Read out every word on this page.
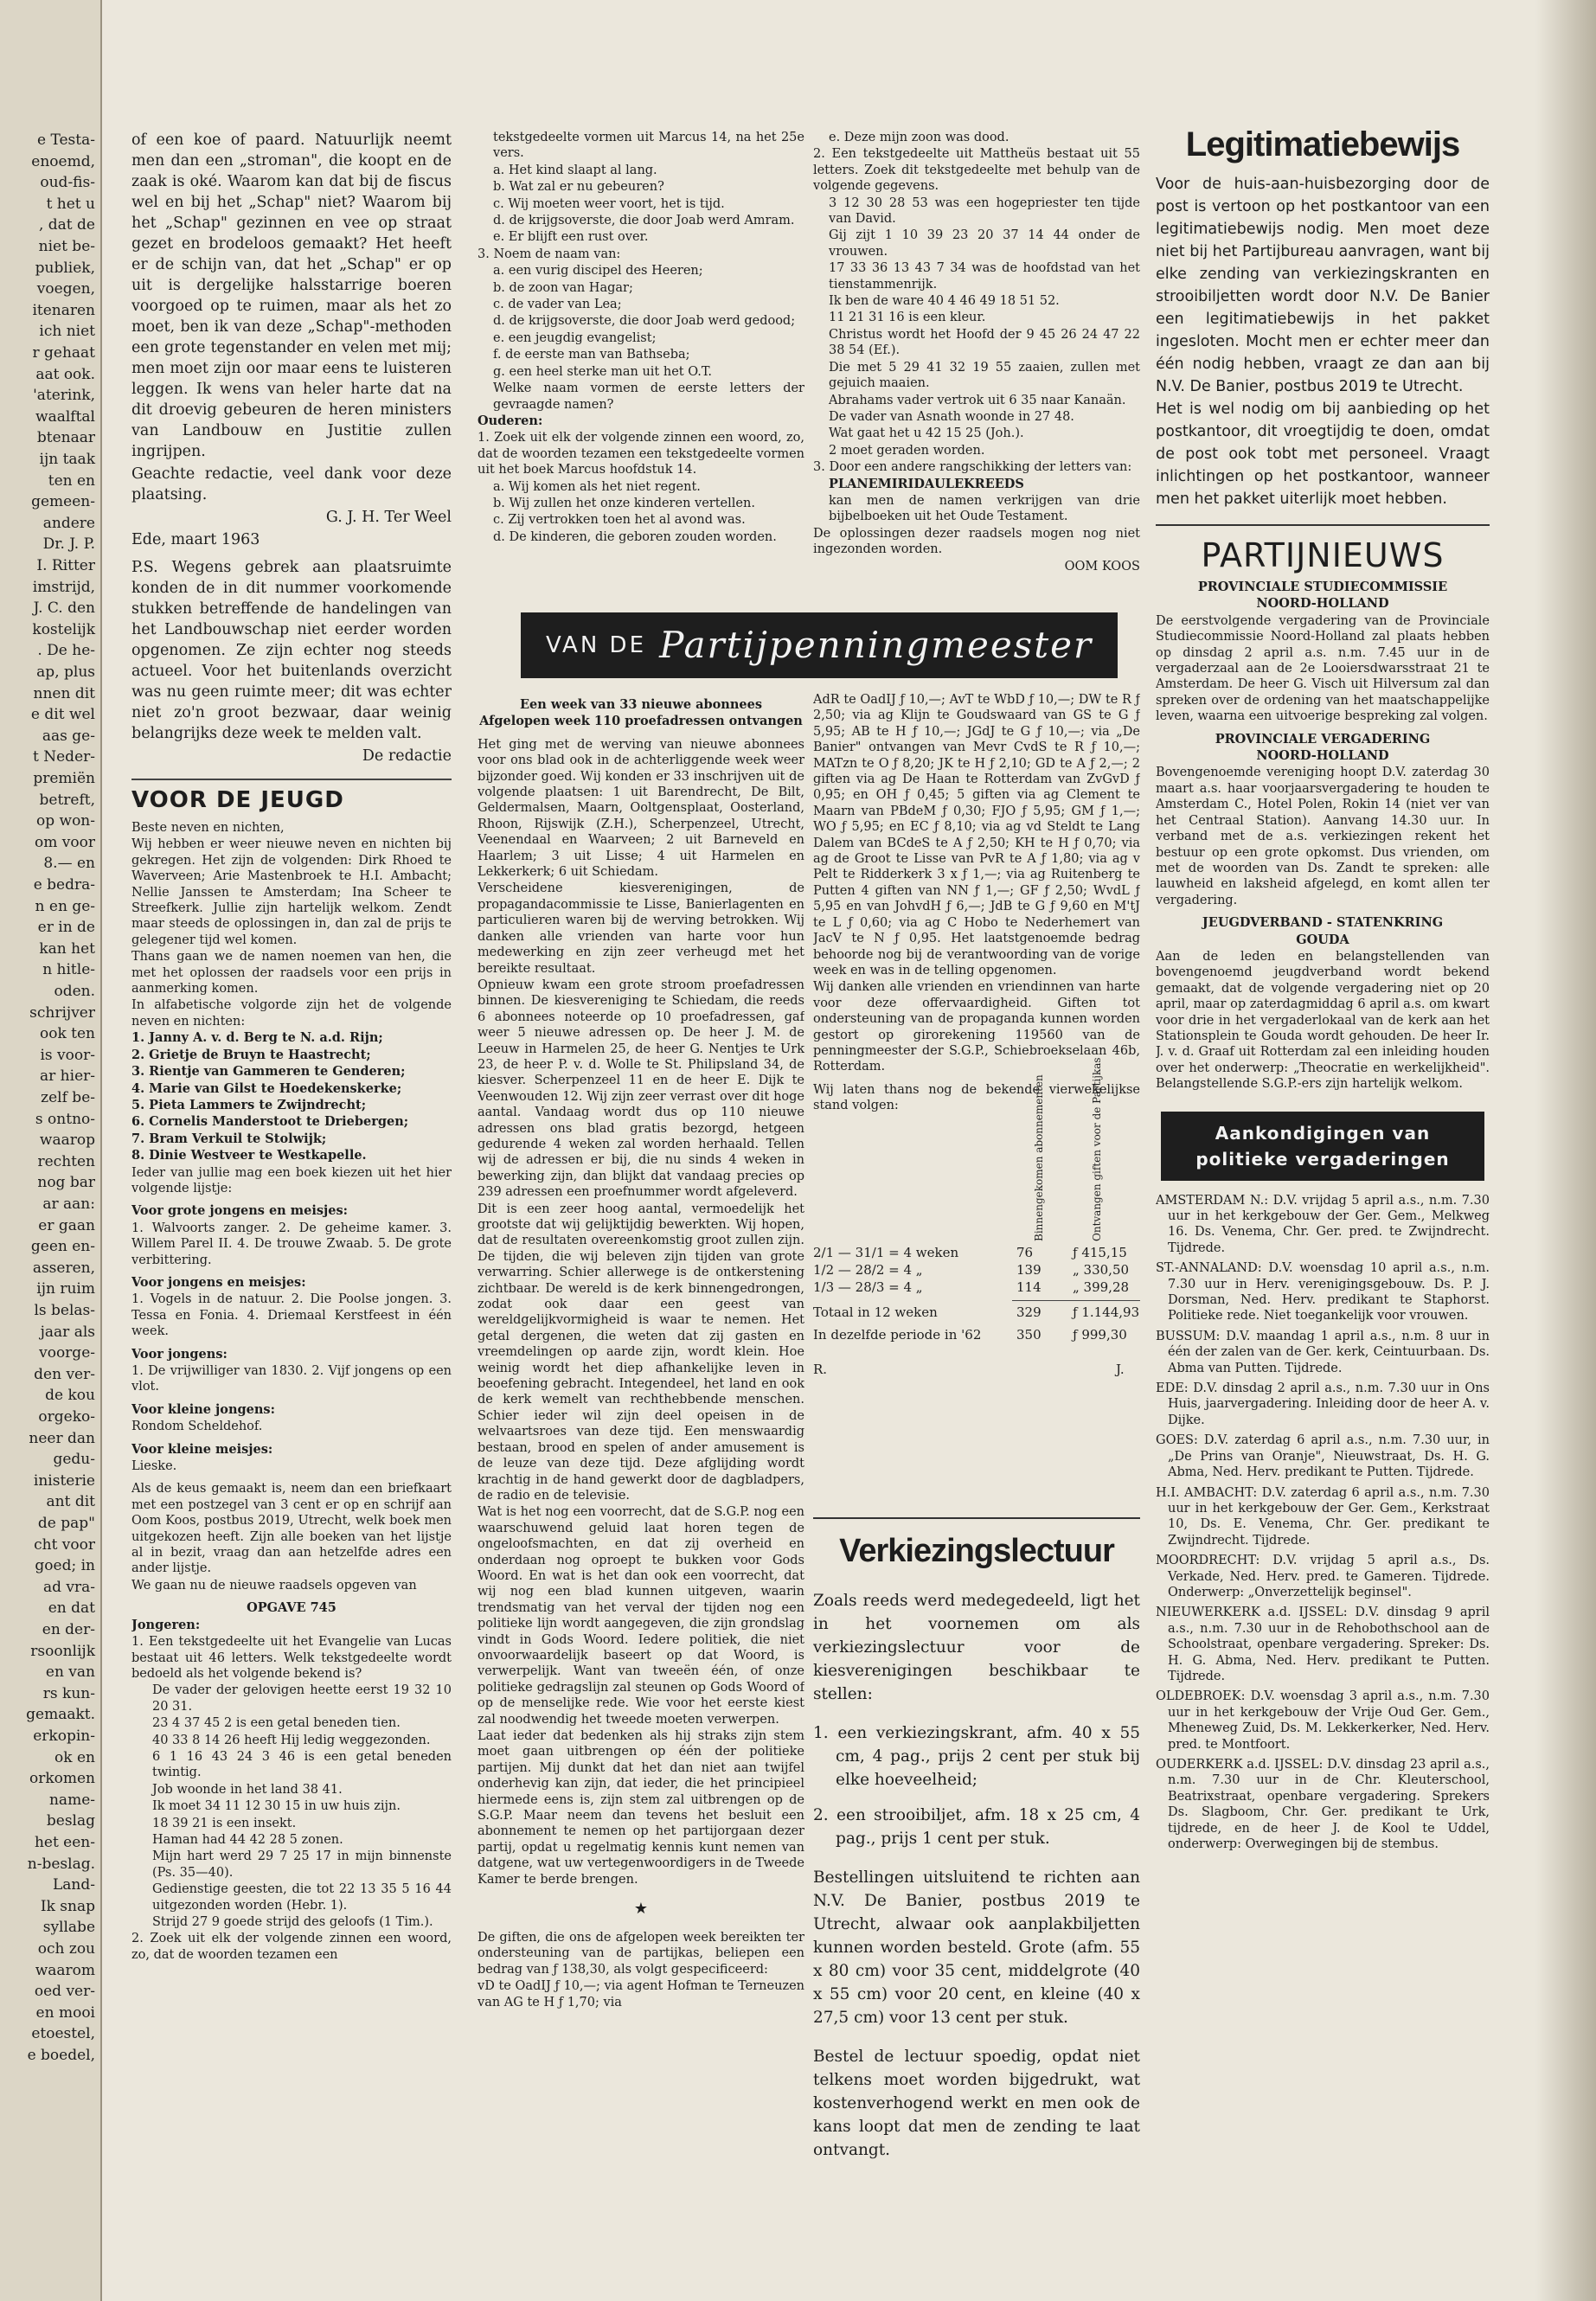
e Testa-
enoemd,
oud-fis-
t het u
, dat de
niet be-
publiek,
voegen,
itenaren
ich niet
r gehaat
aat ook.
'aterink,
waalftal
btenaar
ijn taak
ten en
gemeen-
andere
Dr. J. P.
I. Ritter
imstrijd,
J. C. den
kostelijk
. De he-
ap, plus
nnen dit
e dit wel
aas ge-
t Neder-
premiën
betreft,
op won-
om voor
8.— en
e bedra-
n en ge-
er in de
kan het
n hitle-
oden.
schrijver
ook ten
is voor-
ar hier-
zelf be-
s ontno-
waarop
rechten
nog bar
ar aan:
er gaan
geen en-
asseren,
ijn ruim
ls belas-
jaar als
voorge-
den ver-
de kou
orgeko-
neer dan
gedu-
inisterie
ant dit
de pap"
cht voor
goed; in
ad vra-
en dat
en der-
rsoonlijk
en van
rs kun-
gemaakt.
erkopin-
ok en
orkomen
name-
beslag
het een-
n-beslag.
Land-
Ik snap
syllabe
och zou
waarom
oed ver-
en mooi
etoestel,
e boedel,
of een koe of paard. Natuurlijk neemt men dan een „stroman", die koopt en de zaak is oké. Waarom kan dat bij de fiscus wel en bij het „Schap" niet? Waarom bij het „Schap" gezinnen en vee op straat gezet en brodeloos gemaakt? Het heeft er de schijn van, dat het „Schap" er op uit is dergelijke halsstarrige boeren voorgoed op te ruimen, maar als het zo moet, ben ik van deze „Schap"-methoden een grote tegenstander en velen met mij; men moet zijn oor maar eens te luisteren leggen. Ik wens van heler harte dat na dit droevig gebeuren de heren ministers van Landbouw en Justitie zullen ingrijpen.
Geachte redactie, veel dank voor deze plaatsing.
G. J. H. Ter Weel
Ede, maart 1963
P.S. Wegens gebrek aan plaatsruimte konden de in dit nummer voorkomende stukken betreffende de handelingen van het Landbouwschap niet eerder worden opgenomen. Ze zijn echter nog steeds actueel. Voor het buitenlands overzicht was nu geen ruimte meer; dit was echter niet zo'n groot bezwaar, daar weinig belangrijks deze week te melden valt.
De redactie
VOOR DE JEUGD
Beste neven en nichten,
Wij hebben er weer nieuwe neven en nichten bij gekregen. Het zijn de volgenden: Dirk Rhoed te Waverveen; Arie Mastenbroek te H.I. Ambacht; Nellie Janssen te Amsterdam; Ina Scheer te Streefkerk. Jullie zijn hartelijk welkom. Zendt maar steeds de oplossingen in, dan zal de prijs te gelegener tijd wel komen.
Thans gaan we de namen noemen van hen, die met het oplossen der raadsels voor een prijs in aanmerking komen.
In alfabetische volgorde zijn het de volgende neven en nichten:
1. Janny A. v. d. Berg te N. a.d. Rijn;
2. Grietje de Bruyn te Haastrecht;
3. Rientje van Gammeren te Genderen;
4. Marie van Gilst te Hoedekenskerke;
5. Pieta Lammers te Zwijndrecht;
6. Cornelis Manderstoot te Driebergen;
7. Bram Verkuil te Stolwijk;
8. Dinie Westveer te Westkapelle.
Ieder van jullie mag een boek kiezen uit het hier volgende lijstje:
Voor grote jongens en meisjes:
1. Walvoorts zanger. 2. De geheime kamer. 3. Willem Parel II. 4. De trouwe Zwaab. 5. De grote verbittering.
Voor jongens en meisjes:
1. Vogels in de natuur. 2. Die Poolse jongen. 3. Tessa en Fonia. 4. Driemaal Kerstfeest in één week.
Voor jongens:
1. De vrijwilliger van 1830. 2. Vijf jongens op een vlot.
Voor kleine jongens:
Rondom Scheldehof.
Voor kleine meisjes:
Lieske.
Als de keus gemaakt is, neem dan een briefkaart met een postzegel van 3 cent er op en schrijf aan Oom Koos, postbus 2019, Utrecht, welk boek men uitgekozen heeft. Zijn alle boeken van het lijstje al in bezit, vraag dan aan hetzelfde adres een ander lijstje.
We gaan nu de nieuwe raadsels opgeven van
OPGAVE 745
Jongeren:
1. Een tekstgedeelte uit het Evangelie van Lucas bestaat uit 46 letters. Welk tekstgedeelte wordt bedoeld als het volgende bekend is?
De vader der gelovigen heette eerst 19 32 10 20 31.
23 4 37 45 2 is een getal beneden tien.
40 33 8 14 26 heeft Hij ledig weggezonden.
6 1 16 43 24 3 46 is een getal beneden twintig.
Job woonde in het land 38 41.
Ik moet 34 11 12 30 15 in uw huis zijn.
18 39 21 is een insekt.
Haman had 44 42 28 5 zonen.
Mijn hart werd 29 7 25 17 in mijn binnenste (Ps. 35—40).
Gedienstige geesten, die tot 22 13 35 5 16 44 uitgezonden worden (Hebr. 1).
Strijd 27 9 goede strijd des geloofs (1 Tim.).
2. Zoek uit elk der volgende zinnen een woord, zo, dat de woorden tezamen een
tekstgedeelte vormen uit Marcus 14, na het 25e vers.
a. Het kind slaapt al lang.
b. Wat zal er nu gebeuren?
c. Wij moeten weer voort, het is tijd.
d. de krijgsoverste, die door Joab werd Amram.
e. Er blijft een rust over.
3. Noem de naam van:
a. een vurig discipel des Heeren;
b. de zoon van Hagar;
c. de vader van Lea;
d. de krijgsoverste, die door Joab werd gedood;
e. een jeugdig evangelist;
f. de eerste man van Bathseba;
g. een heel sterke man uit het O.T.
Welke naam vormen de eerste letters der gevraagde namen?
Ouderen:
1. Zoek uit elk der volgende zinnen een woord, zo, dat de woorden tezamen een tekstgedeelte vormen uit het boek Marcus hoofdstuk 14.
a. Wij komen als het niet regent.
b. Wij zullen het onze kinderen vertellen.
c. Zij vertrokken toen het al avond was.
d. De kinderen, die geboren zouden worden.
VAN DE Partijpenningmeester
Een week van 33 nieuwe abonnees
Afgelopen week 110 proefadressen ontvangen
Het ging met de werving van nieuwe abonnees voor ons blad ook in de achterliggende week weer bijzonder goed. Wij konden er 33 inschrijven uit de volgende plaatsen: 1 uit Barendrecht, De Bilt, Geldermalsen, Maarn, Ooltgensplaat, Oosterland, Rhoon, Rijswijk (Z.H.), Scherpenzeel, Utrecht, Veenendaal en Waarveen; 2 uit Barneveld en Haarlem; 3 uit Lisse; 4 uit Harmelen en Lekkerkerk; 6 uit Schiedam.
Verscheidene kiesverenigingen, de propagandacommissie te Lisse, Banierlagenten en particulieren waren bij de werving betrokken. Wij danken alle vrienden van harte voor hun medewerking en zijn zeer verheugd met het bereikte resultaat.
Opnieuw kwam een grote stroom proefadressen binnen. De kiesvereniging te Schiedam, die reeds 6 abonnees noteerde op 10 proefadressen, gaf weer 5 nieuwe adressen op. De heer J. M. de Leeuw in Harmelen 25, de heer G. Nentjes te Urk 23, de heer P. v. d. Wolle te St. Philipsland 34, de kiesver. Scherpenzeel 11 en de heer E. Dijk te Veenwouden 12. Wij zijn zeer verrast over dit hoge aantal. Vandaag wordt dus op 110 nieuwe adressen ons blad gratis bezorgd, hetgeen gedurende 4 weken zal worden herhaald. Tellen wij de adressen er bij, die nu sinds 4 weken in bewerking zijn, dan blijkt dat vandaag precies op 239 adressen een proefnummer wordt afgeleverd.
Dit is een zeer hoog aantal, vermoedelijk het grootste dat wij gelijktijdig bewerkten. Wij hopen, dat de resultaten overeenkomstig groot zullen zijn. De tijden, die wij beleven zijn tijden van grote verwarring. Schier allerwege is de ontkerstening zichtbaar. De wereld is de kerk binnengedrongen, zodat ook daar een geest van wereldgelijkvormigheid is waar te nemen. Het getal dergenen, die weten dat zij gasten en vreemdelingen op aarde zijn, wordt klein. Hoe weinig wordt het diep afhankelijke leven in beoefening gebracht. Integendeel, het land en ook de kerk wemelt van rechthebbende menschen. Schier ieder wil zijn deel opeisen in de welvaartsroes van deze tijd. Een menswaardig bestaan, brood en spelen of ander amusement is de leuze van deze tijd. Deze afglijding wordt krachtig in de hand gewerkt door de dagbladpers, de radio en de televisie.
Wat is het nog een voorrecht, dat de S.G.P. nog een waarschuwend geluid laat horen tegen de ongeloofsmachten, en dat zij overheid en onderdaan nog oproept te bukken voor Gods Woord. En wat is het dan ook een voorrecht, dat wij nog een blad kunnen uitgeven, waarin trendsmatig van het verval der tijden nog een politieke lijn wordt aangegeven, die zijn grondslag vindt in Gods Woord. Iedere politiek, die niet onvoorwaardelijk baseert op dat Woord, is verwerpelijk. Want van tweeën één, of onze politieke gedragslijn zal steunen op Gods Woord of op de menselijke rede. Wie voor het eerste kiest zal noodwendig het tweede moeten verwerpen.
Laat ieder dat bedenken als hij straks zijn stem moet gaan uitbrengen op één der politieke partijen. Mij dunkt dat het dan niet aan twijfel onderhevig kan zijn, dat ieder, die het principieel hiermede eens is, zijn stem zal uitbrengen op de S.G.P. Maar neem dan tevens het besluit een abonnement te nemen op het partijorgaan dezer partij, opdat u regelmatig kennis kunt nemen van datgene, wat uw vertegenwoordigers in de Tweede Kamer te berde brengen.
★
De giften, die ons de afgelopen week bereikten ter ondersteuning van de partijkas, beliepen een bedrag van ƒ 138,30, als volgt gespecificeerd:
vD te OadIJ ƒ 10,—; via agent Hofman te Terneuzen van AG te H ƒ 1,70; via
e. Deze mijn zoon was dood.
2. Een tekstgedeelte uit Mattheüs bestaat uit 55 letters. Zoek dit tekstgedeelte met behulp van de volgende gegevens.
3 12 30 28 53 was een hogepriester ten tijde van David.
Gij zijt 1 10 39 23 20 37 14 44 onder de vrouwen.
17 33 36 13 43 7 34 was de hoofdstad van het tienstammenrijk.
Ik ben de ware 40 4 46 49 18 51 52.
11 21 31 16 is een kleur.
Christus wordt het Hoofd der 9 45 26 24 47 22 38 54 (Ef.).
Die met 5 29 41 32 19 55 zaaien, zullen met gejuich maaien.
Abrahams vader vertrok uit 6 35 naar Kanaän.
De vader van Asnath woonde in 27 48.
Wat gaat het u 42 15 25 (Joh.).
2 moet geraden worden.
3. Door een andere rangschikking der letters van:
PLANEMIRIDAULEKREEDS
kan men de namen verkrijgen van drie bijbelboeken uit het Oude Testament.
De oplossingen dezer raadsels mogen nog niet ingezonden worden.
OOM KOOS
AdR te OadIJ ƒ 10,—; AvT te WbD ƒ 10,—; DW te R ƒ 2,50; via ag Klijn te Goudswaard van GS te G ƒ 5,95; AB te H ƒ 10,—; JGdJ te G ƒ 10,—; via „De Banier" ontvangen van Mevr CvdS te R ƒ 10,—; MATzn te O ƒ 8,20; JK te H ƒ 2,10; GD te A ƒ 2,—; 2 giften via ag De Haan te Rotterdam van ZvGvD ƒ 0,95; en OH ƒ 0,45; 5 giften via ag Clement te Maarn van PBdeM ƒ 0,30; FJO ƒ 5,95; GM ƒ 1,—; WO ƒ 5,95; en EC ƒ 8,10; via ag vd Steldt te Lang Dalem van BCdeS te A ƒ 2,50; KH te H ƒ 0,70; via ag de Groot te Lisse van PvR te A ƒ 1,80; via ag v Pelt te Ridderkerk 3 x ƒ 1,—; via ag Ruitenberg te Putten 4 giften van NN ƒ 1,—; GF ƒ 2,50; WvdL ƒ 5,95 en van JohvdH ƒ 6,—; JdB te G ƒ 9,60 en M'tJ te L ƒ 0,60; via ag C Hobo te Nederhemert van JacV te N ƒ 0,95. Het laatstgenoemde bedrag behoorde nog bij de verantwoording van de vorige week en was in de telling opgenomen.
Wij danken alle vrienden en vriendinnen van harte voor deze offervaardigheid. Giften tot ondersteuning van de propaganda kunnen worden gestort op girorekening 119560 van de penningmeester der S.G.P., Schiebroekselaan 46b, Rotterdam.
Wij laten thans nog de bekende vierwekelijkse stand volgen:	Binnengekomen abonnementen	Ontvangen giften voor de Partijkas
2/1 — 31/1 = 4 weken	76	ƒ 415,15
1/2 — 28/2 = 4 „	139 „ 330,50
1/3 — 28/3 = 4 „	114 „ 399,28
Totaal in 12 weken	329 ƒ 1.144,93
In dezelfde periode in '62	350 ƒ 999,30
R.	J.
Verkiezingslectuur
Zoals reeds werd medegedeeld, ligt het in het voornemen om als verkiezingslectuur voor de kiesverenigingen beschikbaar te stellen:
1. een verkiezingskrant, afm. 40 x 55 cm, 4 pag., prijs 2 cent per stuk bij elke hoeveelheid;
2. een strooibiljet, afm. 18 x 25 cm, 4 pag., prijs 1 cent per stuk.
Bestellingen uitsluitend te richten aan N.V. De Banier, postbus 2019 te Utrecht, alwaar ook aanplakbiljetten kunnen worden besteld. Grote (afm. 55 x 80 cm) voor 35 cent, middelgrote (40 x 55 cm) voor 20 cent, en kleine (40 x 27,5 cm) voor 13 cent per stuk.
Bestel de lectuur spoedig, opdat niet telkens moet worden bijgedrukt, wat kostenverhogend werkt en men ook de kans loopt dat men de zending te laat ontvangt.
Legitimatiebewijs
Voor de huis-aan-huisbezorging door de post is vertoon op het postkantoor van een legitimatiebewijs nodig. Men moet deze niet bij het Partijbureau aanvragen, want bij elke zending van verkiezingskranten en strooibiljetten wordt door N.V. De Banier een legitimatiebewijs in het pakket ingesloten. Mocht men er echter meer dan één nodig hebben, vraagt ze dan aan bij N.V. De Banier, postbus 2019 te Utrecht.
Het is wel nodig om bij aanbieding op het postkantoor, dit vroegtijdig te doen, omdat de post ook tobt met personeel. Vraagt inlichtingen op het postkantoor, wanneer men het pakket uiterlijk moet hebben.
PARTIJNIEUWS
PROVINCIALE STUDIECOMMISSIE
NOORD-HOLLAND
De eerstvolgende vergadering van de Provinciale Studiecommissie Noord-Holland zal plaats hebben op dinsdag 2 april a.s. n.m. 7.45 uur in de vergaderzaal aan de 2e Looiersdwarsstraat 21 te Amsterdam. De heer G. Visch uit Hilversum zal dan spreken over de ordening van het maatschappelijke leven, waarna een uitvoerige bespreking zal volgen.
PROVINCIALE VERGADERING
NOORD-HOLLAND
Bovengenoemde vereniging hoopt D.V. zaterdag 30 maart a.s. haar voorjaarsvergadering te houden te Amsterdam C., Hotel Polen, Rokin 14 (niet ver van het Centraal Station). Aanvang 14.30 uur. In verband met de a.s. verkiezingen rekent het bestuur op een grote opkomst. Dus vrienden, om met de woorden van Ds. Zandt te spreken: alle lauwheid en laksheid afgelegd, en komt allen ter vergadering.
JEUGDVERBAND - STATENKRING
GOUDA
Aan de leden en belangstellenden van bovengenoemd jeugdverband wordt bekend gemaakt, dat de volgende vergadering niet op 20 april, maar op zaterdagmiddag 6 april a.s. om kwart voor drie in het vergaderlokaal van de kerk aan het Stationsplein te Gouda wordt gehouden. De heer Ir. J. v. d. Graaf uit Rotterdam zal een inleiding houden over het onderwerp: „Theocratie en werkelijkheid". Belangstellende S.G.P.-ers zijn hartelijk welkom.
Aankondigingen van
politieke vergaderingen
AMSTERDAM N.: D.V. vrijdag 5 april a.s., n.m. 7.30 uur in het kerkgebouw der Ger. Gem., Melkweg 16. Ds. Venema, Chr. Ger. pred. te Zwijndrecht. Tijdrede.
ST.-ANNALAND: D.V. woensdag 10 april a.s., n.m. 7.30 uur in Herv. verenigingsgebouw. Ds. P. J. Dorsman, Ned. Herv. predikant te Staphorst. Politieke rede. Niet toegankelijk voor vrouwen.
BUSSUM: D.V. maandag 1 april a.s., n.m. 8 uur in één der zalen van de Ger. kerk, Ceintuurbaan. Ds. Abma van Putten. Tijdrede.
EDE: D.V. dinsdag 2 april a.s., n.m. 7.30 uur in Ons Huis, jaarvergadering. Inleiding door de heer A. v. Dijke.
GOES: D.V. zaterdag 6 april a.s., n.m. 7.30 uur, in „De Prins van Oranje", Nieuwstraat, Ds. H. G. Abma, Ned. Herv. predikant te Putten. Tijdrede.
H.I. AMBACHT: D.V. zaterdag 6 april a.s., n.m. 7.30 uur in het kerkgebouw der Ger. Gem., Kerkstraat 10, Ds. E. Venema, Chr. Ger. predikant te Zwijndrecht. Tijdrede.
MOORDRECHT: D.V. vrijdag 5 april a.s., Ds. Verkade, Ned. Herv. pred. te Gameren. Tijdrede. Onderwerp: „Onverzettelijk beginsel".
NIEUWERKERK a.d. IJSSEL: D.V. dinsdag 9 april a.s., n.m. 7.30 uur in de Rehobothschool aan de Schoolstraat, openbare vergadering. Spreker: Ds. H. G. Abma, Ned. Herv. predikant te Putten. Tijdrede.
OLDEBROEK: D.V. woensdag 3 april a.s., n.m. 7.30 uur in het kerkgebouw der Vrije Oud Ger. Gem., Mheneweg Zuid, Ds. M. Lekkerkerker, Ned. Herv. pred. te Montfoort.
OUDERKERK a.d. IJSSEL: D.V. dinsdag 23 april a.s., n.m. 7.30 uur in de Chr. Kleuterschool, Beatrixstraat, openbare vergadering. Sprekers Ds. Slagboom, Chr. Ger. predikant te Urk, tijdrede, en de heer J. de Kool te Uddel, onderwerp: Overwegingen bij de stembus.
